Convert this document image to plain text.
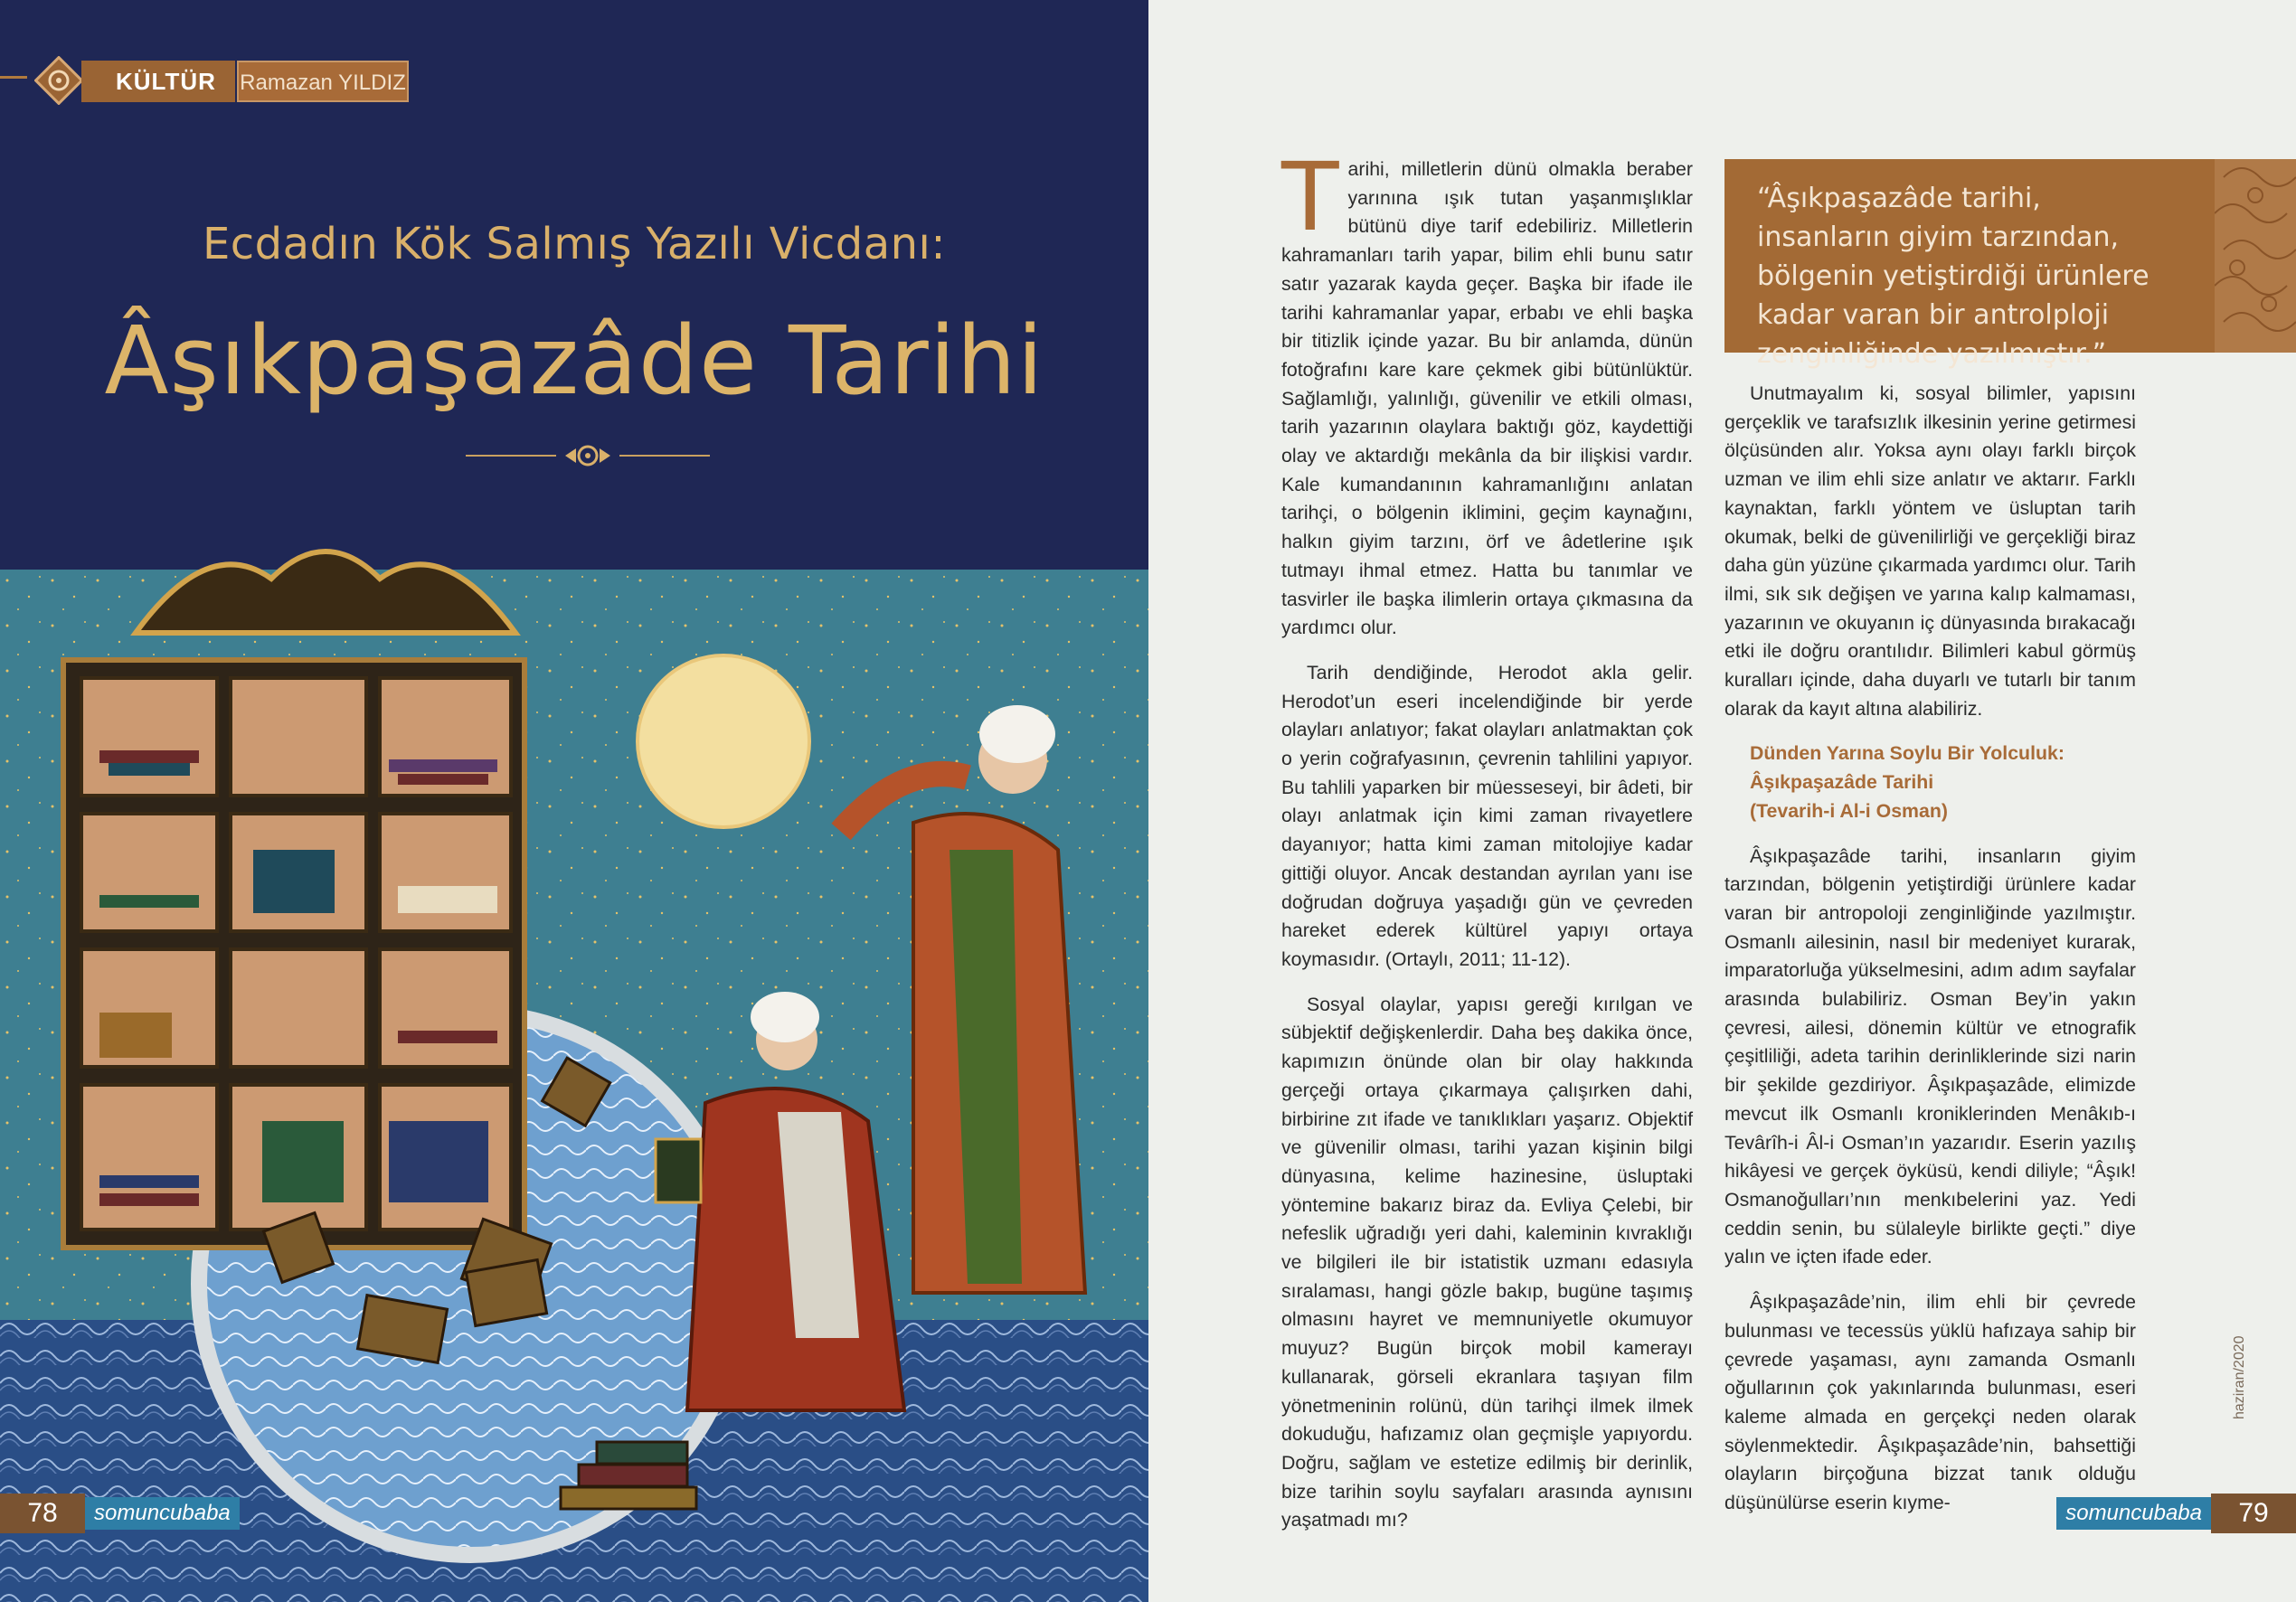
KÜLTÜR	Ramazan YILDIZ
Ecdadın Kök Salmış Yazılı Vicdanı:
Âşıkpaşazâde Tarihi
78	somuncubaba

Tarihi, milletlerin dünü olmakla beraber yarınına ışık tutan yaşanmışlıklar bütünü diye tarif edebiliriz. Milletlerin kahramanları tarih yapar, bilim ehli bunu satır satır yazarak kayda geçer. Başka bir ifade ile tarihi kahramanlar yapar, erbabı ve ehli başka bir titizlik içinde yazar. Bu bir anlamda, dünün fotoğrafını kare kare çekmek gibi bütünlüktür. Sağlamlığı, yalınlığı, güvenilir ve etkili olması, tarih yazarının olaylara baktığı göz, kaydettiği olay ve aktardığı mekânla da bir ilişkisi vardır. Kale kumandanının kahramanlığını anlatan tarihçi, o bölgenin iklimini, geçim kaynağını, halkın giyim tarzını, örf ve âdetlerine ışık tutmayı ihmal etmez. Hatta bu tanımlar ve tasvirler ile başka ilimlerin ortaya çıkmasına da yardımcı olur.

Tarih dendiğinde, Herodot akla gelir. Herodot’un eseri incelendiğinde bir yerde olayları anlatıyor; fakat olayları anlatmaktan çok o yerin coğrafyasının, çevrenin tahlilini yapıyor. Bu tahlili yaparken bir müesseseyi, bir âdeti, bir olayı anlatmak için kimi zaman rivayetlere dayanıyor; hatta kimi zaman mitolojiye kadar gittiği oluyor. Ancak destandan ayrılan yanı ise doğrudan doğruya yaşadığı gün ve çevreden hareket ederek kültürel yapıyı ortaya koymasıdır. (Ortaylı, 2011; 11-12).

Sosyal olaylar, yapısı gereği kırılgan ve sübjektif değişkenlerdir. Daha beş dakika önce, kapımızın önünde olan bir olay hakkında gerçeği ortaya çıkarmaya çalışırken dahi, birbirine zıt ifade ve tanıklıkları yaşarız. Objektif ve güvenilir olması, tarihi yazan kişinin bilgi dünyasına, kelime hazinesine, üsluptaki yöntemine bakarız biraz da. Evliya Çelebi, bir nefeslik uğradığı yeri dahi, kaleminin kıvraklığı ve bilgileri ile bir istatistik uzmanı edasıyla sıralaması, hangi gözle bakıp, bugüne taşımış olmasını hayret ve memnuniyetle okumuyor muyuz? Bugün birçok mobil kamerayı kullanarak, görseli ekranlara taşıyan film yönetmeninin rolünü, dün tarihçi ilmek ilmek dokuduğu, hafızamız olan geçmişle yapıyordu. Doğru, sağlam ve estetize edilmiş bir derinlik, bize tarihin soylu sayfaları arasında aynısını yaşatmadı mı?

“Âşıkpaşazâde tarihi, insanların giyim tarzından, bölgenin yetiştirdiği ürünlere kadar varan bir antrolploji zenginliğinde yazılmıştır.”

Unutmayalım ki, sosyal bilimler, yapısını gerçeklik ve tarafsızlık ilkesinin yerine getirmesi ölçüsünden alır. Yoksa aynı olayı farklı birçok uzman ve ilim ehli size anlatır ve aktarır. Farklı kaynaktan, farklı yöntem ve üsluptan tarih okumak, belki de güvenilirliği ve gerçekliği biraz daha gün yüzüne çıkarmada yardımcı olur. Tarih ilmi, sık sık değişen ve yarına kalıp kalmaması, yazarının ve okuyanın iç dünyasında bırakacağı etki ile doğru orantılıdır. Bilimleri kabul görmüş kuralları içinde, daha duyarlı ve tutarlı bir tanım olarak da kayıt altına alabiliriz.

Dünden Yarına Soylu Bir Yolculuk:
Âşıkpaşazâde Tarihi
(Tevarih-i Al-i Osman)

Âşıkpaşazâde tarihi, insanların giyim tarzından, bölgenin yetiştirdiği ürünlere kadar varan bir antropoloji zenginliğinde yazılmıştır. Osmanlı ailesinin, nasıl bir medeniyet kurarak, imparatorluğa yükselmesini, adım adım sayfalar arasında bulabiliriz. Osman Bey’in yakın çevresi, ailesi, dönemin kültür ve etnografik çeşitliliği, adeta tarihin derinliklerinde sizi narin bir şekilde gezdiriyor. Âşıkpaşazâde, elimizde mevcut ilk Osmanlı kroniklerinden Menâkıb-ı Tevârîh-i Âl-i Osman’ın yazarıdır. Eserin yazılış hikâyesi ve gerçek öyküsü, kendi diliyle; “Âşık! Osmanoğulları’nın menkıbelerini yaz. Yedi ceddin senin, bu sülaleyle birlikte geçti.” diye yalın ve içten ifade eder.

Âşıkpaşazâde’nin, ilim ehli bir çevrede bulunması ve tecessüs yüklü hafızaya sahip bir çevrede yaşaması, aynı zamanda Osmanlı oğullarının çok yakınlarında bulunması, eseri kaleme almada en gerçekçi neden olarak söylenmektedir. Âşıkpaşazâde’nin, bahsettiği olayların birçoğuna bizzat tanık olduğu düşünülürse eserin kıyme-

haziran/2020
somuncubaba	79
